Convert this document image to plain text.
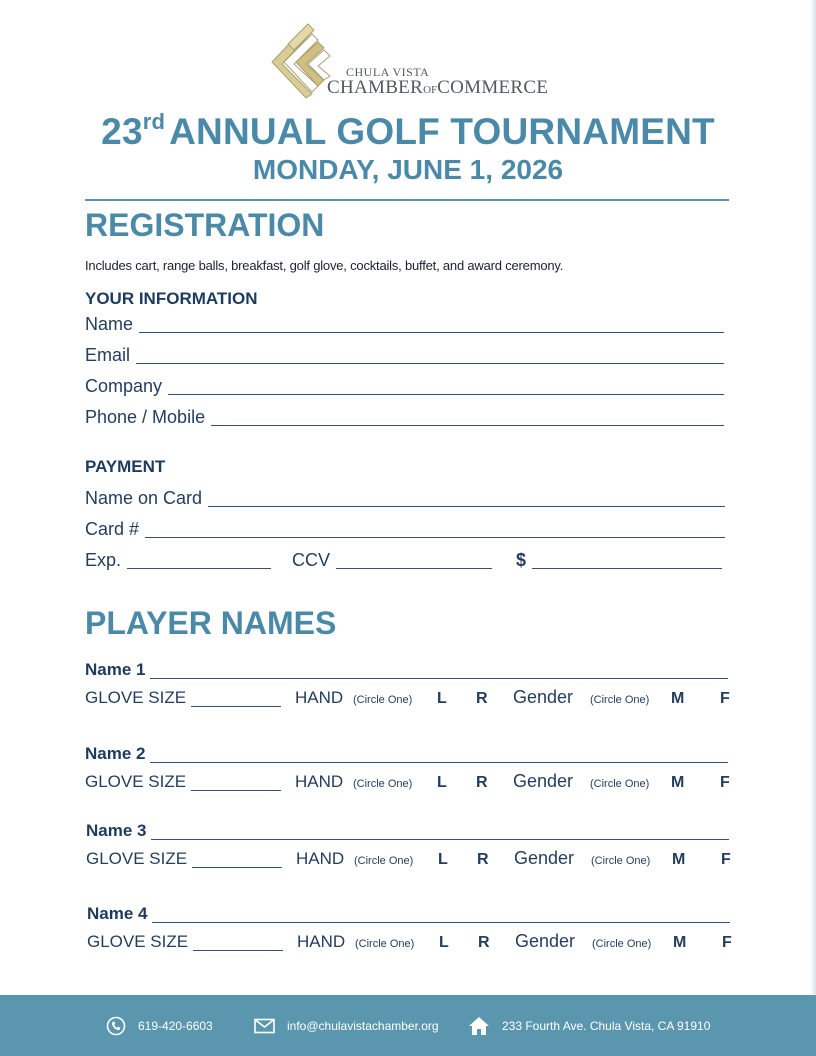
CHULA VISTA
CHAMBEROFCOMMERCE
23rd ANNUAL GOLF TOURNAMENT
MONDAY, JUNE 1, 2026
REGISTRATION
Includes cart, range balls, breakfast, golf glove, cocktails, buffet, and award ceremony.
YOUR INFORMATION
Name
Email
Company
Phone / Mobile
PAYMENT
Name on Card
Card #
Exp.	CCV	$
PLAYER NAMES
Name 1
GLOVE SIZE	HAND (Circle One) L R Gender (Circle One) M F
Name 2
GLOVE SIZE	HAND (Circle One) L R Gender (Circle One) M F
Name 3
GLOVE SIZE	HAND (Circle One) L R Gender (Circle One) M F
Name 4
GLOVE SIZE	HAND (Circle One) L R Gender (Circle One) M F
619-420-6603	info@chulavistachamber.org	233 Fourth Ave. Chula Vista, CA 91910
